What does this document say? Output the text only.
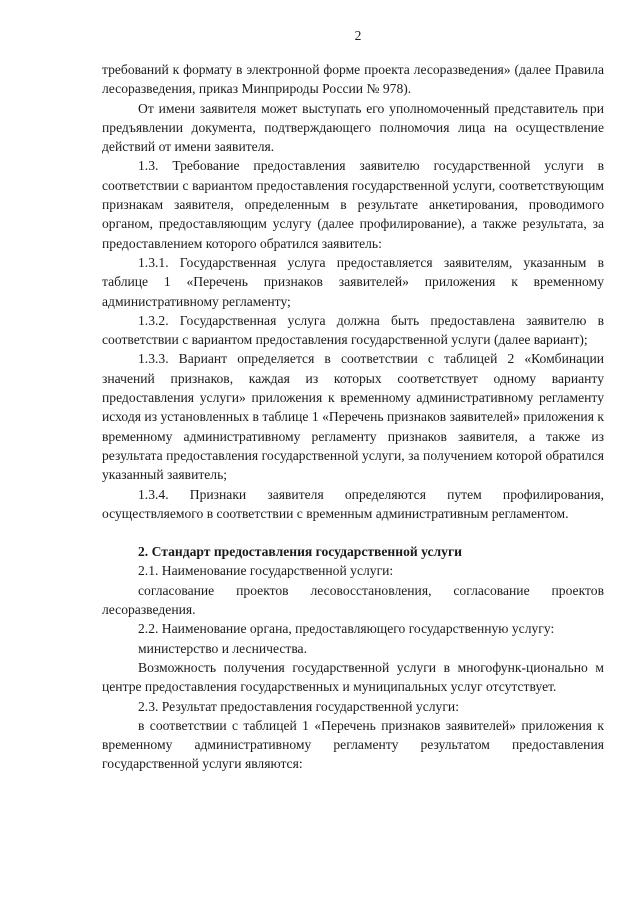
2

требований к формату в электронной форме проекта лесоразведения» (далее Правила лесоразведения, приказ Минприроды России № 978).

От имени заявителя может выступать его уполномоченный представитель при предъявлении документа, подтверждающего полномочия лица на осуществление действий от имени заявителя.

1.3. Требование предоставления заявителю государственной услуги в соответствии с вариантом предоставления государственной услуги, соответствующим признакам заявителя, определенным в результате анкетирования, проводимого органом, предоставляющим услугу (далее профилирование), а также результата, за предоставлением которого обратился заявитель:

1.3.1. Государственная услуга предоставляется заявителям, указанным в таблице 1 «Перечень признаков заявителей» приложения к временному административному регламенту;

1.3.2. Государственная услуга должна быть предоставлена заявителю в соответствии с вариантом предоставления государственной услуги (далее вариант);

1.3.3. Вариант определяется в соответствии с таблицей 2 «Комбинации значений признаков, каждая из которых соответствует одному варианту предоставления услуги» приложения к временному административному регламенту исходя из установленных в таблице 1 «Перечень признаков заявителей» приложения к временному административному регламенту признаков заявителя, а также из результата предоставления государственной услуги, за получением которой обратился указанный заявитель;

1.3.4. Признаки заявителя определяются путем профилирования, осуществляемого в соответствии с временным административным регламентом.

2. Стандарт предоставления государственной услуги

2.1. Наименование государственной услуги:

согласование проектов лесовосстановления, согласование проектов лесоразведения.

2.2. Наименование органа, предоставляющего государственную услугу:

министерство и лесничества.

Возможность получения государственной услуги в многофунк-ционально м центре предоставления государственных и муниципальных услуг отсутствует.

2.3. Результат предоставления государственной услуги:

в соответствии с таблицей 1 «Перечень признаков заявителей» приложения к временному административному регламенту результатом предоставления государственной услуги являются:
